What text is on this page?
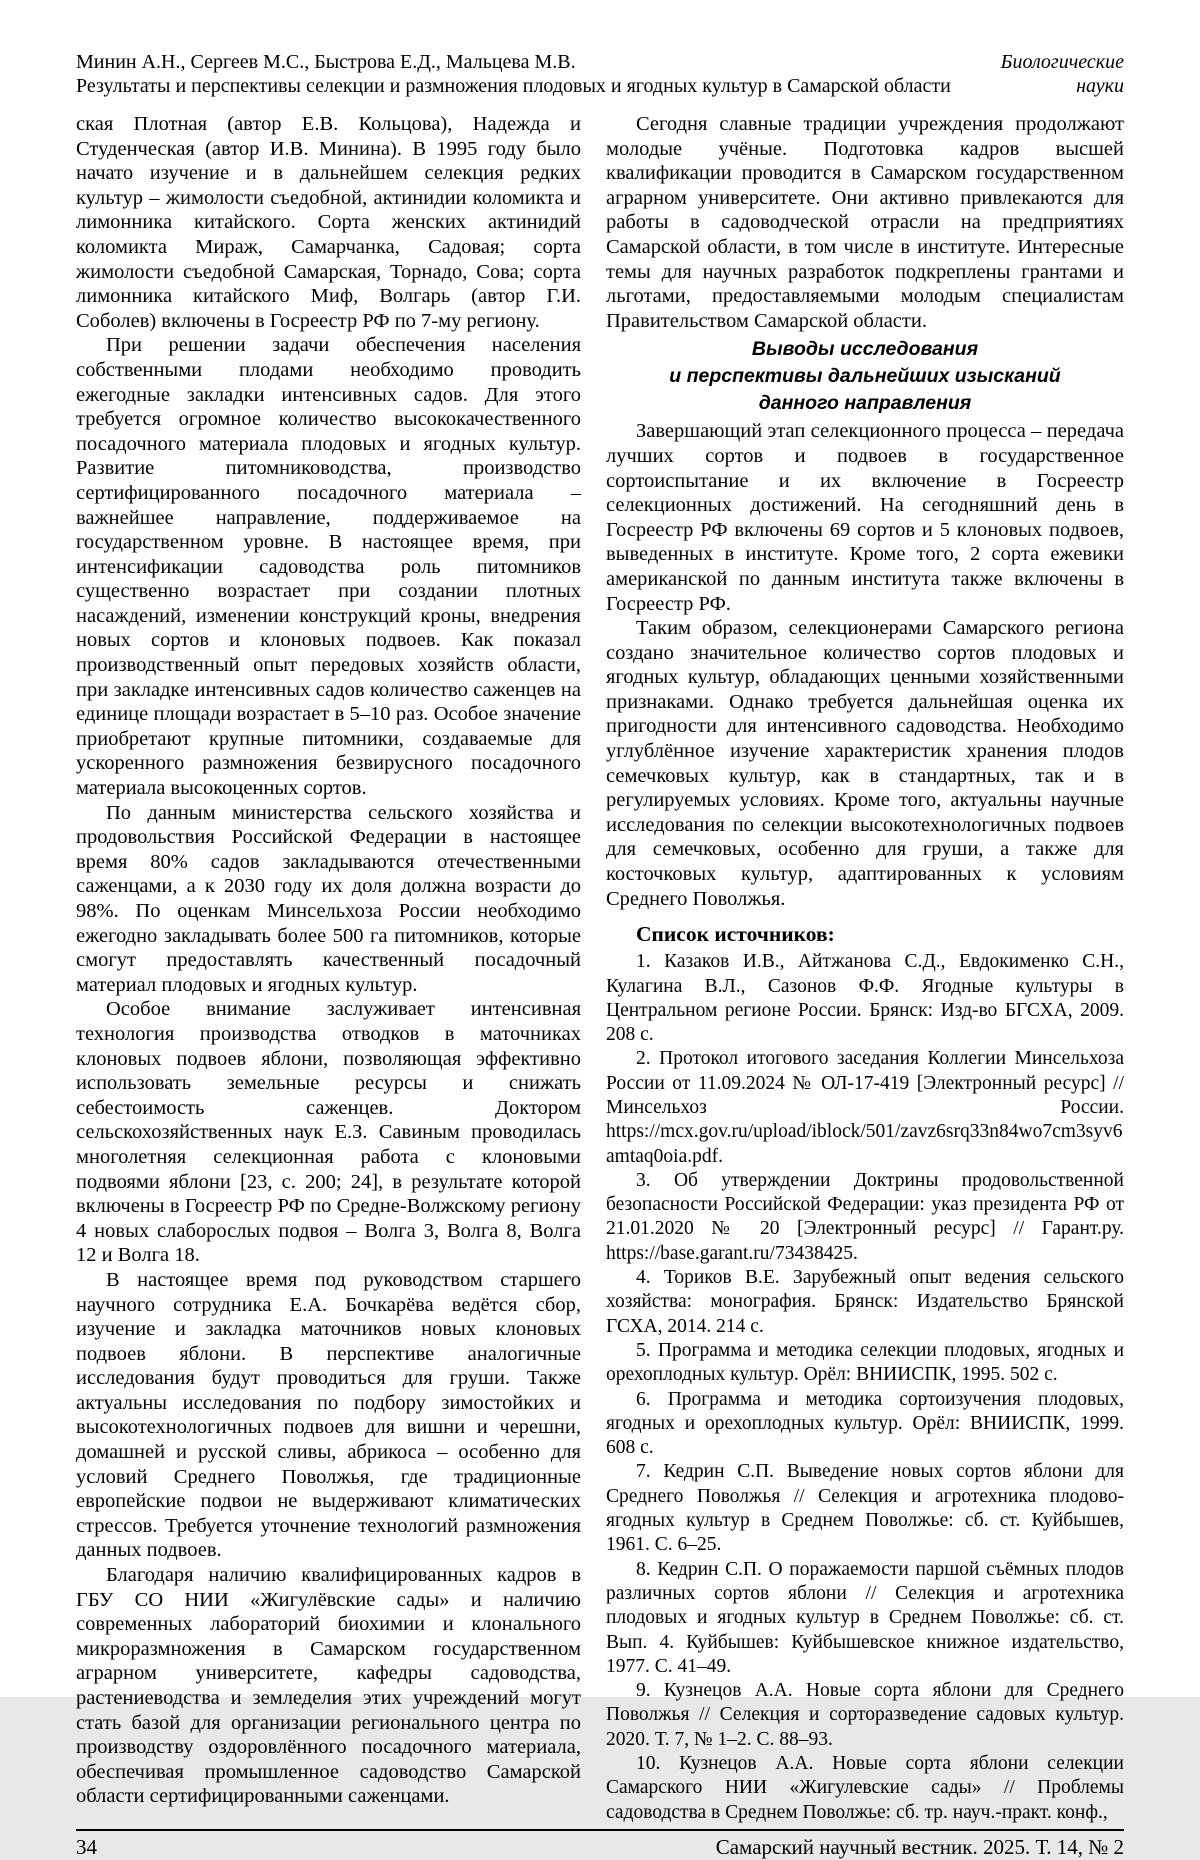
Минин А.Н., Сергеев М.С., Быстрова Е.Д., Мальцева М.В.	Биологические
Результаты и перспективы селекции и размножения плодовых и ягодных культур в Самарской области	науки

ская Плотная (автор Е.В. Кольцова), Надежда и Студенческая (автор И.В. Минина). В 1995 году было начато изучение и в дальнейшем селекция редких культур – жимолости съедобной, актинидии коломикта и лимонника китайского. Сорта женских актинидий коломикта Мираж, Самарчанка, Садовая; сорта жимолости съедобной Самарская, Торнадо, Сова; сорта лимонника китайского Миф, Волгарь (автор Г.И. Соболев) включены в Госреестр РФ по 7-му региону.

При решении задачи обеспечения населения собственными плодами необходимо проводить ежегодные закладки интенсивных садов. Для этого требуется огромное количество высококачественного посадочного материала плодовых и ягодных культур. Развитие питомниководства, производство сертифицированного посадочного материала – важнейшее направление, поддерживаемое на государственном уровне. В настоящее время, при интенсификации садоводства роль питомников существенно возрастает при создании плотных насаждений, изменении конструкций кроны, внедрения новых сортов и клоновых подвоев. Как показал производственный опыт передовых хозяйств области, при закладке интенсивных садов количество саженцев на единице площади возрастает в 5–10 раз. Особое значение приобретают крупные питомники, создаваемые для ускоренного размножения безвирусного посадочного материала высокоценных сортов.

По данным министерства сельского хозяйства и продовольствия Российской Федерации в настоящее время 80% садов закладываются отечественными саженцами, а к 2030 году их доля должна возрасти до 98%. По оценкам Минсельхоза России необходимо ежегодно закладывать более 500 га питомников, которые смогут предоставлять качественный посадочный материал плодовых и ягодных культур.

Особое внимание заслуживает интенсивная технология производства отводков в маточниках клоновых подвоев яблони, позволяющая эффективно использовать земельные ресурсы и снижать себестоимость саженцев. Доктором сельскохозяйственных наук Е.З. Савиным проводилась многолетняя селекционная работа с клоновыми подвоями яблони [23, с. 200; 24], в результате которой включены в Госреестр РФ по Средне-Волжскому региону 4 новых слаборослых подвоя – Волга 3, Волга 8, Волга 12 и Волга 18.

В настоящее время под руководством старшего научного сотрудника Е.А. Бочкарёва ведётся сбор, изучение и закладка маточников новых клоновых подвоев яблони. В перспективе аналогичные исследования будут проводиться для груши. Также актуальны исследования по подбору зимостойких и высокотехнологичных подвоев для вишни и черешни, домашней и русской сливы, абрикоса – особенно для условий Среднего Поволжья, где традиционные европейские подвои не выдерживают климатических стрессов. Требуется уточнение технологий размножения данных подвоев.

Благодаря наличию квалифицированных кадров в ГБУ СО НИИ «Жигулёвские сады» и наличию современных лабораторий биохимии и клонального микроразмножения в Самарском государственном аграрном университете, кафедры садоводства, растениеводства и земледелия этих учреждений могут стать базой для организации регионального центра по производству оздоровлённого посадочного материала, обеспечивая промышленное садоводство Самарской области сертифицированными саженцами.

Сегодня славные традиции учреждения продолжают молодые учёные. Подготовка кадров высшей квалификации проводится в Самарском государственном аграрном университете. Они активно привлекаются для работы в садоводческой отрасли на предприятиях Самарской области, в том числе в институте. Интересные темы для научных разработок подкреплены грантами и льготами, предоставляемыми молодым специалистам Правительством Самарской области.

Выводы исследования
и перспективы дальнейших изысканий
данного направления

Завершающий этап селекционного процесса – передача лучших сортов и подвоев в государственное сортоиспытание и их включение в Госреестр селекционных достижений. На сегодняшний день в Госреестр РФ включены 69 сортов и 5 клоновых подвоев, выведенных в институте. Кроме того, 2 сорта ежевики американской по данным института также включены в Госреестр РФ.

Таким образом, селекционерами Самарского региона создано значительное количество сортов плодовых и ягодных культур, обладающих ценными хозяйственными признаками. Однако требуется дальнейшая оценка их пригодности для интенсивного садоводства. Необходимо углублённое изучение характеристик хранения плодов семечковых культур, как в стандартных, так и в регулируемых условиях. Кроме того, актуальны научные исследования по селекции высокотехнологичных подвоев для семечковых, особенно для груши, а также для косточковых культур, адаптированных к условиям Среднего Поволжья.

Список источников:

1. Казаков И.В., Айтжанова С.Д., Евдокименко С.Н., Кулагина В.Л., Сазонов Ф.Ф. Ягодные культуры в Центральном регионе России. Брянск: Изд-во БГСХА, 2009. 208 с.

2. Протокол итогового заседания Коллегии Минсельхоза России от 11.09.2024 № ОЛ-17-419 [Электронный ресурс] // Минсельхоз России. https://mcx.gov.ru/upload/iblock/501/zavz6srq33n84wo7cm3syv6amtaq0oia.pdf.

3. Об утверждении Доктрины продовольственной безопасности Российской Федерации: указ президента РФ от 21.01.2020 № 20 [Электронный ресурс] // Гарант.ру. https://base.garant.ru/73438425.

4. Ториков В.Е. Зарубежный опыт ведения сельского хозяйства: монография. Брянск: Издательство Брянской ГСХА, 2014. 214 с.

5. Программа и методика селекции плодовых, ягодных и орехоплодных культур. Орёл: ВНИИСПК, 1995. 502 с.

6. Программа и методика сортоизучения плодовых, ягодных и орехоплодных культур. Орёл: ВНИИСПК, 1999. 608 с.

7. Кедрин С.П. Выведение новых сортов яблони для Среднего Поволжья // Селекция и агротехника плодово-ягодных культур в Среднем Поволжье: сб. ст. Куйбышев, 1961. С. 6–25.

8. Кедрин С.П. О поражаемости паршой съёмных плодов различных сортов яблони // Селекция и агротехника плодовых и ягодных культур в Среднем Поволжье: сб. ст. Вып. 4. Куйбышев: Куйбышевское книжное издательство, 1977. С. 41–49.

9. Кузнецов А.А. Новые сорта яблони для Среднего Поволжья // Селекция и сорторазведение садовых культур. 2020. Т. 7, № 1–2. С. 88–93.

10. Кузнецов А.А. Новые сорта яблони селекции Самарского НИИ «Жигулевские сады» // Проблемы садоводства в Среднем Поволжье: сб. тр. науч.-практ. конф.,

34	Самарский научный вестник. 2025. Т. 14, № 2
